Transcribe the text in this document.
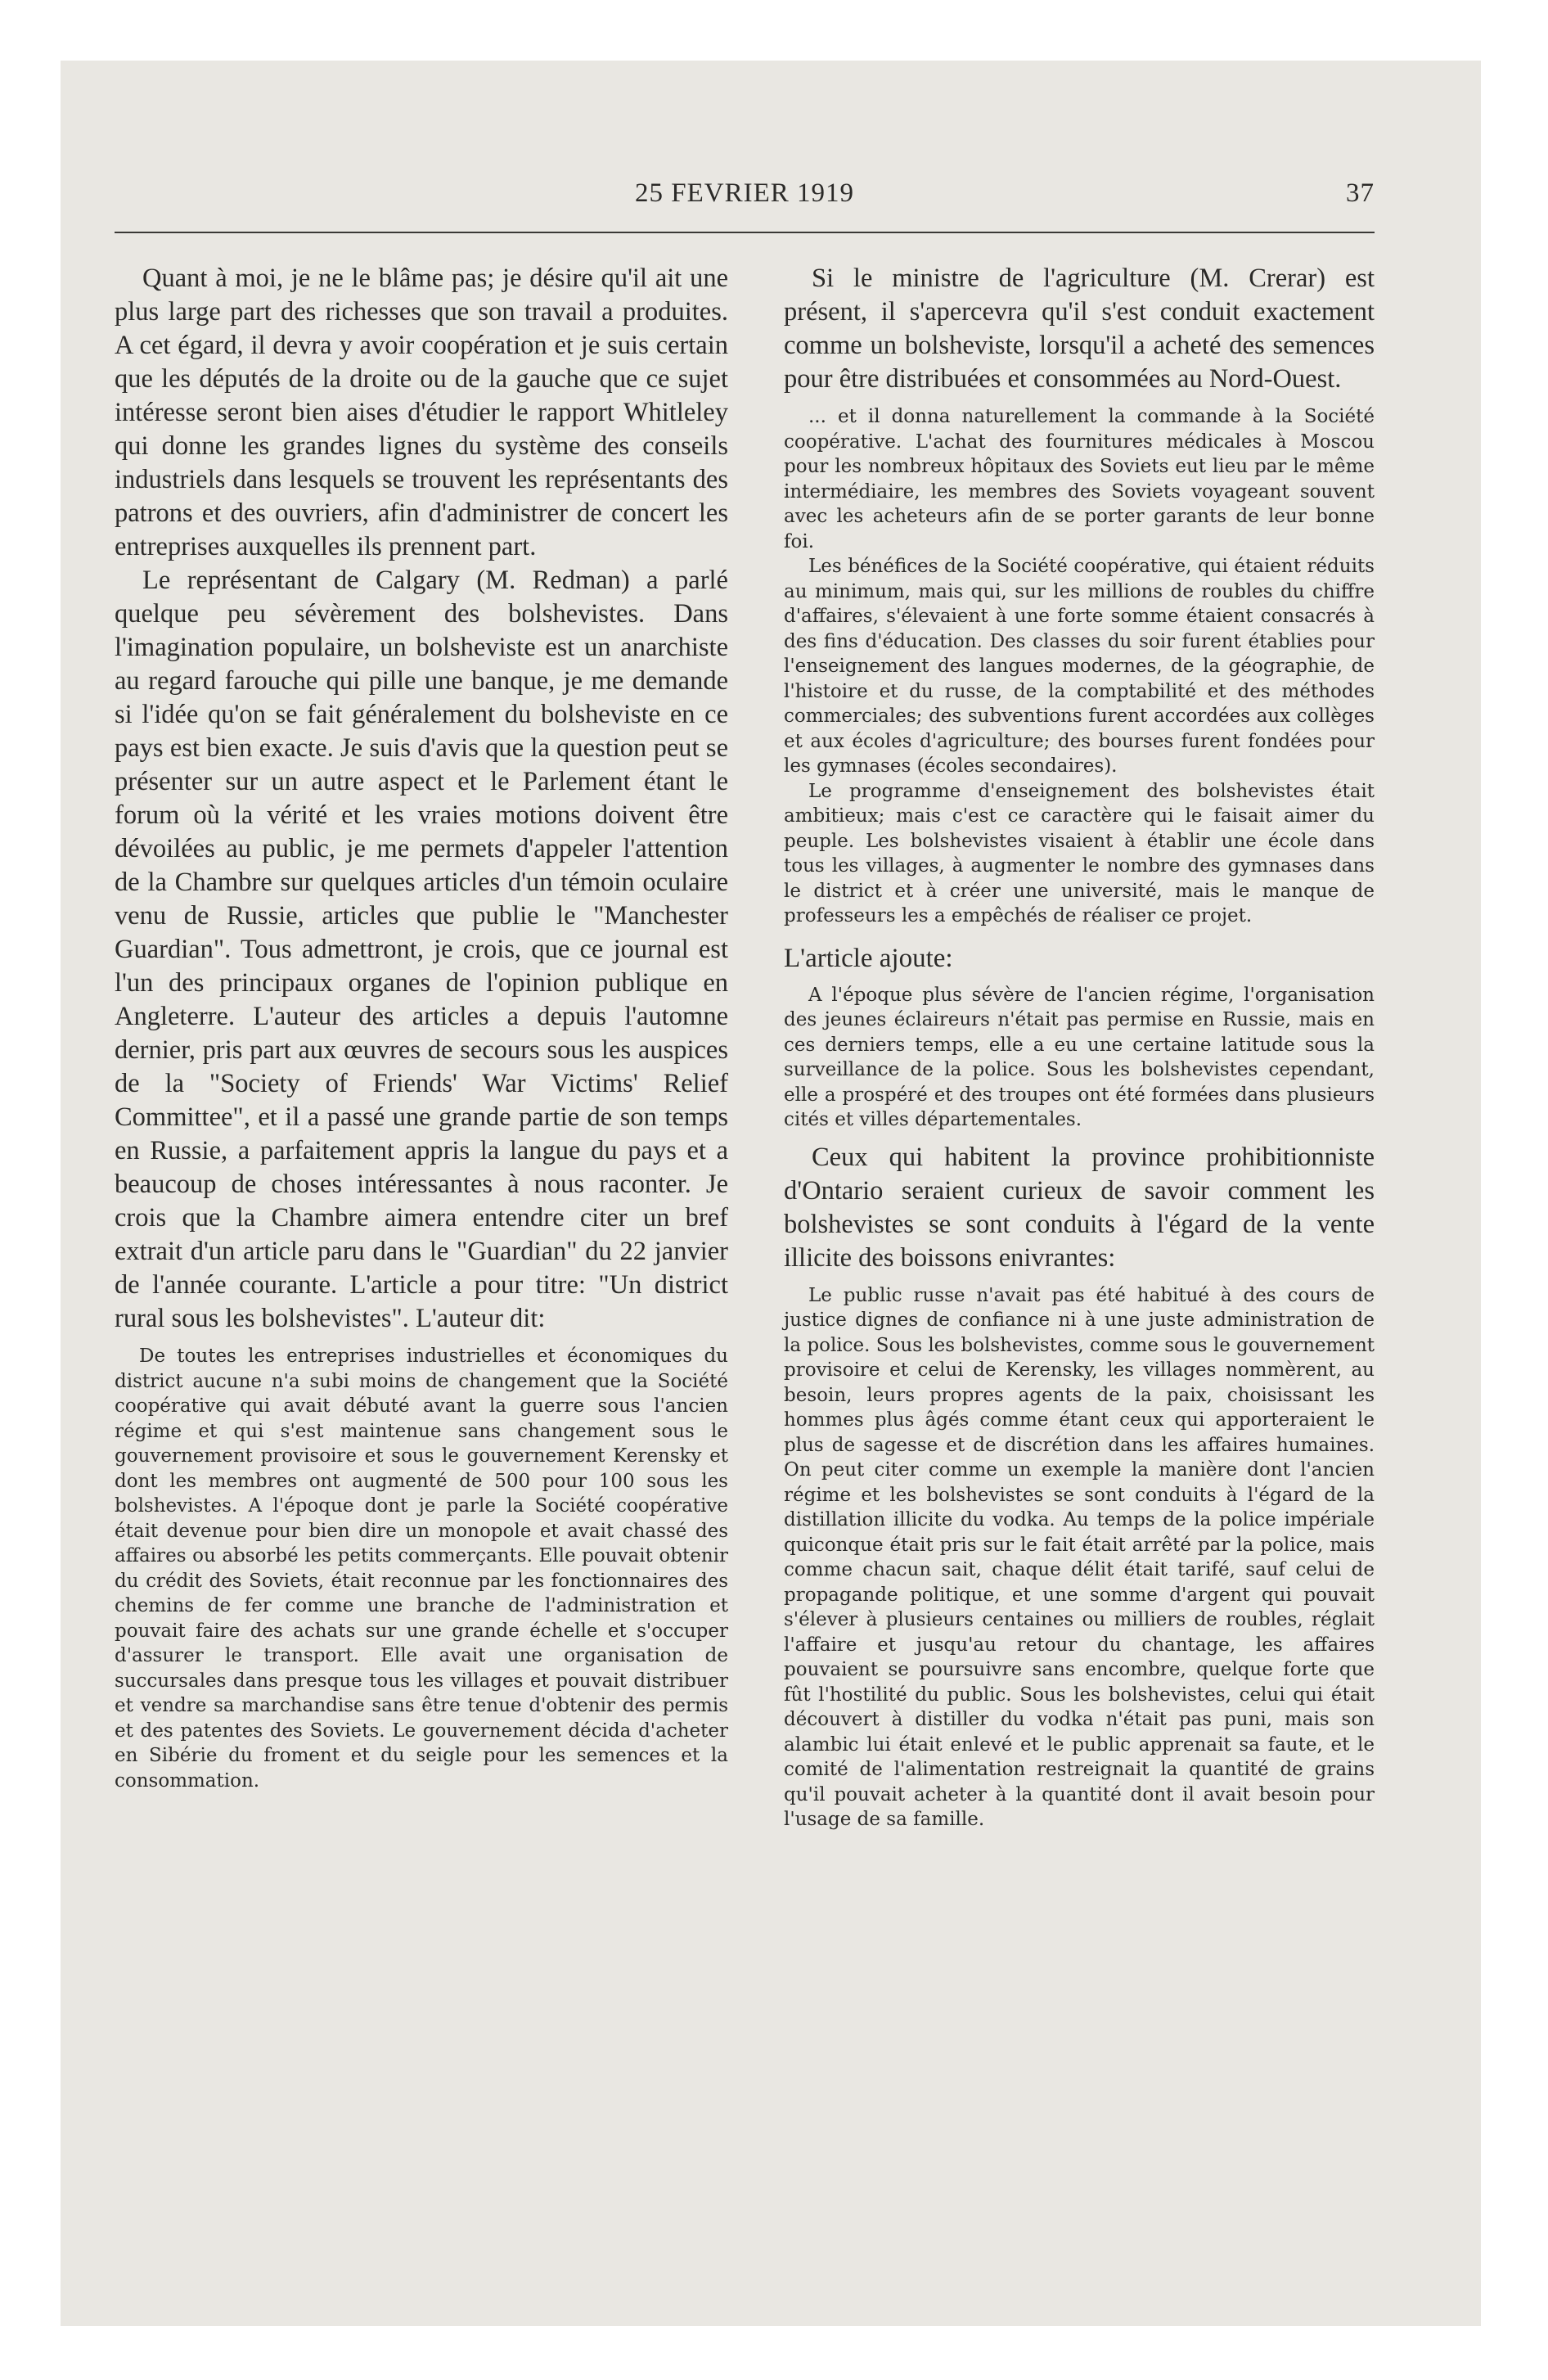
25 FEVRIER 1919	37

Quant à moi, je ne le blâme pas; je désire qu'il ait une plus large part des richesses que son travail a produites. A cet égard, il devra y avoir coopération et je suis certain que les députés de la droite ou de la gauche que ce sujet intéresse seront bien aises d'étudier le rapport Whitleley qui donne les grandes lignes du système des conseils industriels dans lesquels se trouvent les représentants des patrons et des ouvriers, afin d'administrer de concert les entreprises auxquelles ils prennent part.

Le représentant de Calgary (M. Redman) a parlé quelque peu sévèrement des bolshevistes. Dans l'imagination populaire, un bolsheviste est un anarchiste au regard farouche qui pille une banque, je me demande si l'idée qu'on se fait généralement du bolsheviste en ce pays est bien exacte. Je suis d'avis que la question peut se présenter sur un autre aspect et le Parlement étant le forum où la vérité et les vraies motions doivent être dévoilées au public, je me permets d'appeler l'attention de la Chambre sur quelques articles d'un témoin oculaire venu de Russie, articles que publie le "Manchester Guardian". Tous admettront, je crois, que ce journal est l'un des principaux organes de l'opinion publique en Angleterre. L'auteur des articles a depuis l'automne dernier, pris part aux œuvres de secours sous les auspices de la "Society of Friends' War Victims' Relief Committee", et il a passé une grande partie de son temps en Russie, a parfaitement appris la langue du pays et a beaucoup de choses intéressantes à nous raconter. Je crois que la Chambre aimera entendre citer un bref extrait d'un article paru dans le "Guardian" du 22 janvier de l'année courante. L'article a pour titre: "Un district rural sous les bolshevistes". L'auteur dit:

De toutes les entreprises industrielles et économiques du district aucune n'a subi moins de changement que la Société coopérative qui avait débuté avant la guerre sous l'ancien régime et qui s'est maintenue sans changement sous le gouvernement provisoire et sous le gouvernement Kerensky et dont les membres ont augmenté de 500 pour 100 sous les bolshevistes. A l'époque dont je parle la Société coopérative était devenue pour bien dire un monopole et avait chassé des affaires ou absorbé les petits commerçants. Elle pouvait obtenir du crédit des Soviets, était reconnue par les fonctionnaires des chemins de fer comme une branche de l'administration et pouvait faire des achats sur une grande échelle et s'occuper d'assurer le transport. Elle avait une organisation de succursales dans presque tous les villages et pouvait distribuer et vendre sa marchandise sans être tenue d'obtenir des permis et des patentes des Soviets. Le gouvernement décida d'acheter en Sibérie du froment et du seigle pour les semences et la consommation.

Si le ministre de l'agriculture (M. Crerar) est présent, il s'apercevra qu'il s'est conduit exactement comme un bolsheviste, lorsqu'il a acheté des semences pour être distribuées et consommées au Nord-Ouest.

... et il donna naturellement la commande à la Société coopérative. L'achat des fournitures médicales à Moscou pour les nombreux hôpitaux des Soviets eut lieu par le même intermédiaire, les membres des Soviets voyageant souvent avec les acheteurs afin de se porter garants de leur bonne foi.

Les bénéfices de la Société coopérative, qui étaient réduits au minimum, mais qui, sur les millions de roubles du chiffre d'affaires, s'élevaient à une forte somme étaient consacrés à des fins d'éducation. Des classes du soir furent établies pour l'enseignement des langues modernes, de la géographie, de l'histoire et du russe, de la comptabilité et des méthodes commerciales; des subventions furent accordées aux collèges et aux écoles d'agriculture; des bourses furent fondées pour les gymnases (écoles secondaires).

Le programme d'enseignement des bolshevistes était ambitieux; mais c'est ce caractère qui le faisait aimer du peuple. Les bolshevistes visaient à établir une école dans tous les villages, à augmenter le nombre des gymnases dans le district et à créer une université, mais le manque de professeurs les a empêchés de réaliser ce projet.

L'article ajoute:

A l'époque plus sévère de l'ancien régime, l'organisation des jeunes éclaireurs n'était pas permise en Russie, mais en ces derniers temps, elle a eu une certaine latitude sous la surveillance de la police. Sous les bolshevistes cependant, elle a prospéré et des troupes ont été formées dans plusieurs cités et villes départementales.

Ceux qui habitent la province prohibitionniste d'Ontario seraient curieux de savoir comment les bolshevistes se sont conduits à l'égard de la vente illicite des boissons enivrantes:

Le public russe n'avait pas été habitué à des cours de justice dignes de confiance ni à une juste administration de la police. Sous les bolshevistes, comme sous le gouvernement provisoire et celui de Kerensky, les villages nommèrent, au besoin, leurs propres agents de la paix, choisissant les hommes plus âgés comme étant ceux qui apporteraient le plus de sagesse et de discrétion dans les affaires humaines. On peut citer comme un exemple la manière dont l'ancien régime et les bolshevistes se sont conduits à l'égard de la distillation illicite du vodka. Au temps de la police impériale quiconque était pris sur le fait était arrêté par la police, mais comme chacun sait, chaque délit était tarifé, sauf celui de propagande politique, et une somme d'argent qui pouvait s'élever à plusieurs centaines ou milliers de roubles, réglait l'affaire et jusqu'au retour du chantage, les affaires pouvaient se poursuivre sans encombre, quelque forte que fût l'hostilité du public. Sous les bolshevistes, celui qui était découvert à distiller du vodka n'était pas puni, mais son alambic lui était enlevé et le public apprenait sa faute, et le comité de l'alimentation restreignait la quantité de grains qu'il pouvait acheter à la quantité dont il avait besoin pour l'usage de sa famille.
